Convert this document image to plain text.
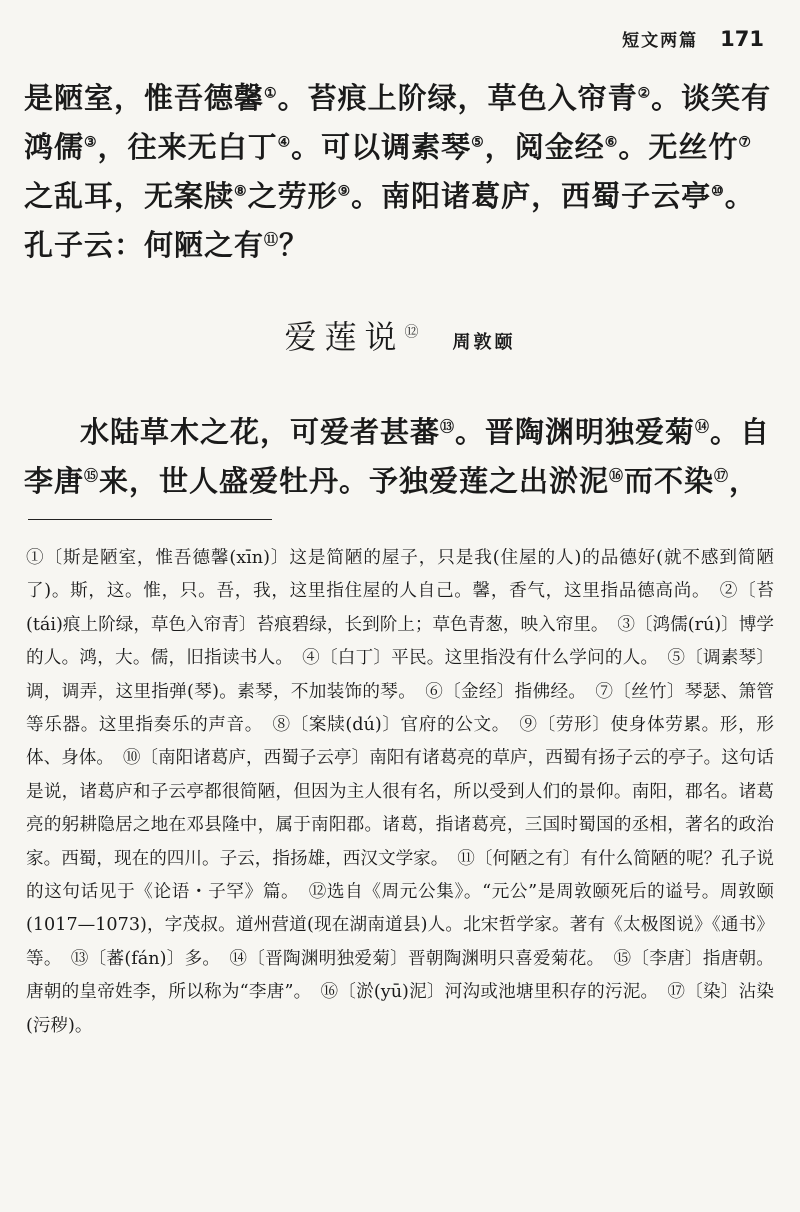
短文两篇 171
是陋室，惟吾德馨①。苔痕上阶绿，草色入帘青②。谈笑有鸿儒③，往来无白丁④。可以调素琴⑤，阅金经⑥。无丝竹⑦之乱耳，无案牍⑧之劳形⑨。南阳诸葛庐，西蜀子云亭⑩。孔子云：何陋之有⑪？
爱莲说⑫ 周敦颐
水陆草木之花，可爱者甚蕃⑬。晋陶渊明独爱菊⑭。自李唐⑮来，世人盛爱牡丹。予独爱莲之出淤泥⑯而不染⑰，
①〔斯是陋室，惟吾德馨(xīn)〕这是简陋的屋子，只是我(住屋的人)的品德好(就不感到简陋了)。斯，这。惟，只。吾，我，这里指住屋的人自己。馨，香气，这里指品德高尚。　 ②〔苔(tái)痕上阶绿，草色入帘青〕苔痕碧绿，长到阶上；草色青葱，映入帘里。　 ③〔鸿儒(rú)〕博学的人。鸿，大。儒，旧指读书人。　 ④〔白丁〕平民。这里指没有什么学问的人。　 ⑤〔调素琴〕调，调弄，这里指弹(琴)。素琴，不加装饰的琴。　 ⑥〔金经〕指佛经。　 ⑦〔丝竹〕琴瑟、箫管等乐器。这里指奏乐的声音。　 ⑧〔案牍(dú)〕官府的公文。　 ⑨〔劳形〕使身体劳累。形，形体、身体。　 ⑩〔南阳诸葛庐，西蜀子云亭〕南阳有诸葛亮的草庐，西蜀有扬子云的亭子。这句话是说，诸葛庐和子云亭都很简陋，但因为主人很有名，所以受到人们的景仰。南阳，郡名。诸葛亮的躬耕隐居之地在邓县隆中，属于南阳郡。诸葛，指诸葛亮，三国时蜀国的丞相，著名的政治家。西蜀，现在的四川。子云，指扬雄，西汉文学家。　 ⑪〔何陋之有〕有什么简陋的呢？孔子说的这句话见于《论语・子罕》篇。　 ⑫选自《周元公集》。“元公”是周敦颐死后的谥号。周敦颐(1017—1073)，字茂叔。道州营道(现在湖南道县)人。北宋哲学家。著有《太极图说》《通书》等。　 ⑬〔蕃(fán)〕多。　 ⑭〔晋陶渊明独爱菊〕晋朝陶渊明只喜爱菊花。　 ⑮〔李唐〕指唐朝。唐朝的皇帝姓李，所以称为“李唐”。　 ⑯〔淤(yū)泥〕河沟或池塘里积存的污泥。　 ⑰〔染〕沾染(污秽)。
